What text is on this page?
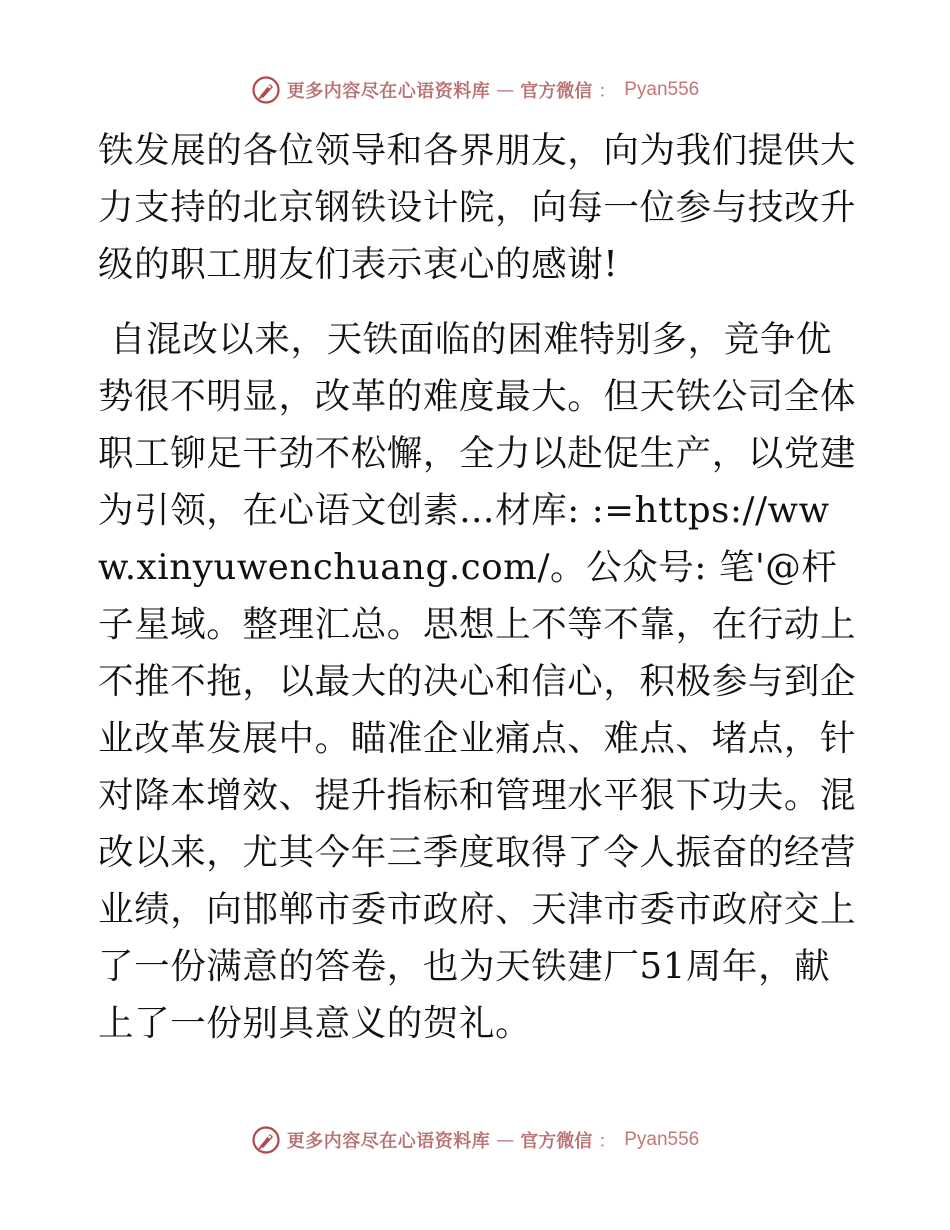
更多内容尽在心语资料库 — 官方微信 ： Pyan556

铁发展的各位领导和各界朋友，向为我们提供大力支持的北京钢铁设计院，向每一位参与技改升级的职工朋友们表示衷心的感谢!

自混改以来，天铁面临的困难特别多，竞争优势很不明显，改革的难度最大。但天铁公司全体职工铆足干劲不松懈，全力以赴促生产，以党建为引领，在心语文创素…材库: :=https://www.xinyuwenchuang.com/。公众号: 笔'@杆子星域。整理汇总。思想上不等不靠，在行动上不推不拖，以最大的决心和信心，积极参与到企业改革发展中。瞄准企业痛点、难点、堵点，针对降本增效、提升指标和管理水平狠下功夫。混改以来，尤其今年三季度取得了令人振奋的经营业绩，向邯郸市委市政府、天津市委市政府交上了一份满意的答卷，也为天铁建厂51周年，献上了一份别具意义的贺礼。

更多内容尽在心语资料库 — 官方微信 ： Pyan556
